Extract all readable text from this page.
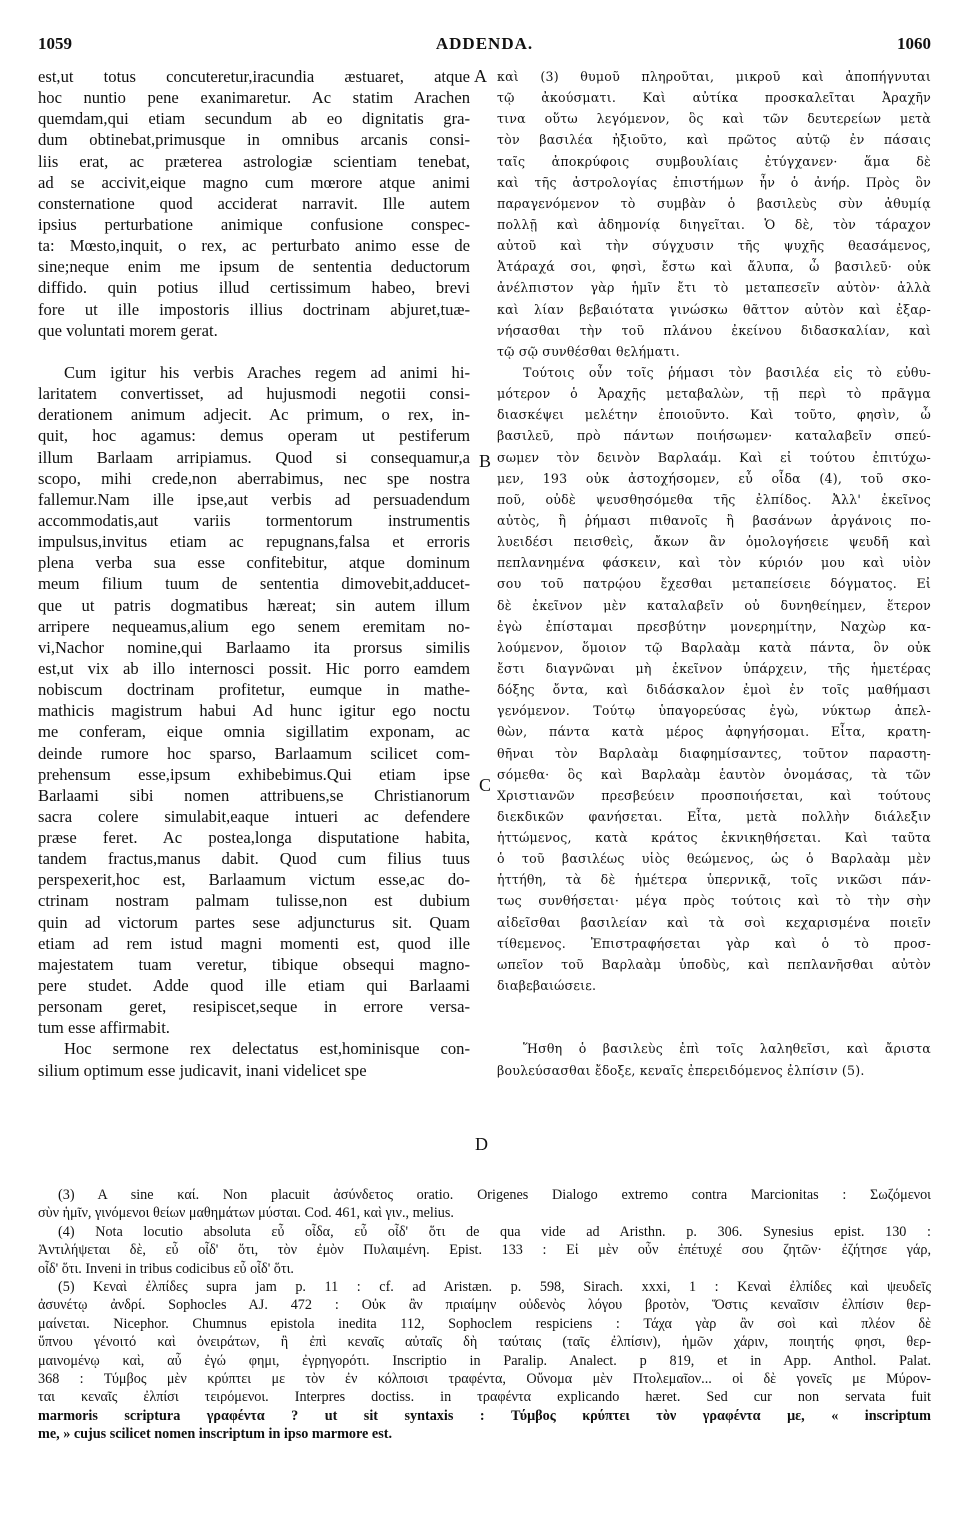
1059	ADDENDA.	1060
est,ut totus concuteretur,iracundia æstuaret, atque
hoc nuntio pene exanimaretur. Ac statim Arachen
quemdam,qui etiam secundum ab eo dignitatis gra-
dum obtinebat,primusque in omnibus arcanis consi-
liis erat, ac præterea astrologiæ scientiam tenebat,
ad se accivit,eique magno cum mœrore atque animi
consternatione quod acciderat narravit. Ille autem
ipsius perturbatione animique confusione conspec-
ta: Mœsto,inquit, o rex, ac perturbato animo esse de
sine;neque enim me ipsum de sententia deductorum
diffido. quin potius illud certissimum habeo, brevi
fore ut ille impostoris illius doctrinam abjuret,tuæ-
que voluntati morem gerat.
Cum igitur his verbis Araches regem ad animi hi-
laritatem convertisset, ad hujusmodi negotii consi-
derationem animum adjecit. Ac primum, o rex, in-
quit, hoc agamus: demus operam ut pestiferum
illum Barlaam arripiamus. Quod si consequamur,a
scopo, mihi crede,non aberrabimus, nec spe nostra
fallemur.Nam ille ipse,aut verbis ad persuadendum
accommodatis,aut variis tormentorum instrumentis
impulsus,invitus etiam ac repugnans,falsa et erroris
plena verba sua esse confitebitur, atque dominum
meum filium tuum de sententia dimovebit,adducet-
que ut patris dogmatibus hæreat; sin autem illum
arripere nequeamus,alium ego senem eremitam no-
vi,Nachor nomine,qui Barlaamo ita prorsus similis
est,ut vix ab illo internosci possit. Hic porro eamdem
nobiscum doctrinam profitetur, eumque in mathe-
mathicis magistrum habui Ad hunc igitur ego noctu
me conferam, eique omnia sigillatim exponam, ac
deinde rumore hoc sparso, Barlaamum scilicet com-
prehensum esse,ipsum exhibebimus.Qui etiam ipse
Barlaami sibi nomen attribuens,se Christianorum
sacra colere simulabit,eaque intueri ac defendere
præse feret. Ac postea,longa disputatione habita,
tandem fractus,manus dabit. Quod cum filius tuus
perspexerit,hoc est, Barlaamum victum esse,ac do-
ctrinam nostram palmam tulisse,non est dubium
quin ad victorum partes sese adjuncturus sit. Quam
etiam ad rem istud magni momenti est, quod ille
majestatem tuam veretur, tibique obsequi magno-
pere studet. Adde quod ille etiam qui Barlaami
personam geret, resipiscet,seque in errore versa-
tum esse affirmabit.
Hoc sermone rex delectatus est,hominisque con-
silium optimum esse judicavit, inani videlicet spe
καὶ (3) θυμοῦ πληροῦται, μικροῦ καὶ ἀποπήγνυται
τῷ ἀκούσματι. Καὶ αὐτίκα προσκαλεῖται Ἀραχῆν
τινα οὕτω λεγόμενον, ὃς καὶ τῶν δευτερείων μετὰ
τὸν βασιλέα ἠξιοῦτο, καὶ πρῶτος αὐτῷ ἐν πάσαις
ταῖς ἀποκρύφοις συμβουλίαις ἐτύγχανεν· ἅμα δὲ
καὶ τῆς ἀστρολογίας ἐπιστήμων ἦν ὁ ἀνήρ. Πρὸς ὃν
παραγενόμενον τὸ συμβὰν ὁ βασιλεὺς σὺν ἀθυμίᾳ
πολλῇ καὶ ἀδημονίᾳ διηγεῖται. Ὁ δὲ, τὸν τάραχον
αὐτοῦ καὶ τὴν σύγχυσιν τῆς ψυχῆς θεασάμενος,
Ἀτάραχά σοι, φησὶ, ἔστω καὶ ἄλυπα, ὦ βασιλεῦ· οὐκ
ἀνέλπιστον γὰρ ἡμῖν ἔτι τὸ μεταπεσεῖν αὐτὸν· ἀλλὰ
καὶ λίαν βεβαιότατα γινώσκω θᾶττον αὐτὸν καὶ ἐξαρ-
νήσασθαι τὴν τοῦ πλάνου ἐκείνου διδασκαλίαν, καὶ
τῷ σῷ συνθέσθαι θελήματι.
Τούτοις οὖν τοῖς ῥήμασι τὸν βασιλέα εἰς τὸ εὐθυ-
μότερον ὁ Ἀραχῆς μεταβαλὼν, τῇ περὶ τὸ πρᾶγμα
διασκέψει μελέτην ἐποιοῦντο. Καὶ τοῦτο, φησὶν, ὦ
βασιλεῦ, πρὸ πάντων ποιήσωμεν· καταλαβεῖν σπεύ-
σωμεν τὸν δεινὸν Βαρλαάμ. Καὶ εἰ τούτου ἐπιτύχω-
μεν, 193 οὐκ ἀστοχήσομεν, εὖ οἶδα (4), τοῦ σκο-
ποῦ, οὐδὲ ψευσθησόμεθα τῆς ἐλπίδος. Ἀλλ' ἐκεῖνος
αὐτὸς, ἢ ῥήμασι πιθανοῖς ἢ βασάνων ἀργάνοις πο-
λυειδέσι πεισθεὶς, ἄκων ἂν ὁμολογήσειε ψευδῆ καὶ
πεπλανημένα φάσκειν, καὶ τὸν κύριόν μου καὶ υἱὸν
σου τοῦ πατρῴου ἔχεσθαι μεταπείσειε δόγματος. Εἰ
δὲ ἐκεῖνον μὲν καταλαβεῖν οὐ δυνηθείημεν, ἕτερον
ἐγὼ ἐπίσταμαι πρεσβύτην μονερημίτην, Ναχὼρ κα-
λούμενον, ὅμοιον τῷ Βαρλαὰμ κατὰ πάντα, ὃν οὐκ
ἔστι διαγνῶναι μὴ ἐκεῖνον ὑπάρχειν, τῆς ἡμετέρας
δόξης ὄντα, καὶ διδάσκαλον ἐμοὶ ἐν τοῖς μαθήμασι
γενόμενον. Τούτῳ ὑπαγορεύσας ἐγὼ, νύκτωρ ἀπελ-
θὼν, πάντα κατὰ μέρος ἀφηγήσομαι. Εἶτα, κρατη-
θῆναι τὸν Βαρλαὰμ διαφημίσαντες, τοῦτον παραστη-
σόμεθα· ὃς καὶ Βαρλαὰμ ἑαυτὸν ὀνομάσας, τὰ τῶν
Χριστιανῶν πρεσβεύειν προσποιήσεται, καὶ τούτους
διεκδικῶν φανήσεται. Εἶτα, μετὰ πολλὴν διάλεξιν
ἡττώμενος, κατὰ κράτος ἐκνικηθήσεται. Καὶ ταῦτα
ὁ τοῦ βασιλέως υἱὸς θεώμενος, ὡς ὁ Βαρλαὰμ μὲν
ἡττήθη, τὰ δὲ ἡμέτερα ὑπερνικᾷ, τοῖς νικῶσι πάν-
τως συνθήσεται· μέγα πρὸς τούτοις καὶ τὸ τὴν σὴν
αἰδεῖσθαι βασιλείαν καὶ τὰ σοὶ κεχαρισμένα ποιεῖν
τίθεμενος. Ἐπιστραφήσεται γὰρ καὶ ὁ τὸ προσ-
ωπεῖον τοῦ Βαρλαὰμ ὑποδὺς, καὶ πεπλανῆσθαι αὐτὸν
διαβεβαιώσειε.
Ἥσθη ὁ βασιλεὺς ἐπὶ τοῖς λαληθεῖσι, καὶ ἄριστα
βουλεύσασθαι ἔδοξε, κεναῖς ἐπερειδόμενος ἐλπίσιν (5).
A
B
C
D
(3) A sine καί. Non placuit ἀσύνδετος oratio. Origenes Dialogo extremo contra Marcionitas : Σωζόμενοι
σὺν ἡμῖν, γινόμενοι θείων μαθημάτων μύσται. Cod. 461, καὶ γιν., melius.
(4) Nota locutio absoluta εὖ οἶδα, εὖ οἶδ' ὅτι de qua vide ad Aristhn. p. 306. Synesius epist. 130 :
Ἀντιλήψεται δὲ, εὖ οἶδ' ὅτι, τὸν ἐμὸν Πυλαιμένη. Epist. 133 : Εἰ μὲν οὖν ἐπέτυχέ σου ζητῶν· ἐζήτησε γάρ,
οἶδ' ὅτι. Inveni in tribus codicibus εὖ οἶδ' ὅτι.
(5) Κεναὶ ἐλπίδες supra jam p. 11 : cf. ad Aristæn. p. 598, Sirach. xxxi, 1 : Κεναὶ ἐλπίδες καὶ ψευδεῖς
ἀσυνέτῳ ἀνδρί. Sophocles AJ. 472 : Οὐκ ἂν πριαίμην οὐδενὸς λόγου βροτὸν, Ὅστις κεναῖσιν ἐλπίσιν θερ-
μαίνεται. Nicephor. Chumnus epistola inedita 112, Sophoclem respiciens : Τάχα γὰρ ἂν σοὶ καὶ πλέον δὲ
ὕπνου γένοιτό καὶ ὀνειράτων, ἢ ἐπὶ κεναῖς αὐταῖς δὴ ταύταις (ταῖς ἐλπίσιν), ἡμῶν χάριν, ποιητής φησι, θερ-
μαινομένῳ καὶ, αὖ ἐγώ φημι, ἐγρηγορότι. Inscriptio in Paralip. Analect. p 819, et in App. Anthol. Palat.
368 : Τύμβος μὲν κρύπτει με τὸν ἐν κόλποισι τραφέντα, Οὔνομα μὲν Πτολεμαῖον... οἱ δὲ γονεῖς με Μύρον-
ται κεναῖς ἐλπίσι τειρόμενοι. Interpres doctiss. in τραφέντα explicando hæret. Sed cur non servata fuit
marmoris scriptura γραφέντα ? ut sit syntaxis : Τύμβος κρύπτει τὸν γραφέντα με, « inscriptum
me, » cujus scilicet nomen inscriptum in ipso marmore est.
